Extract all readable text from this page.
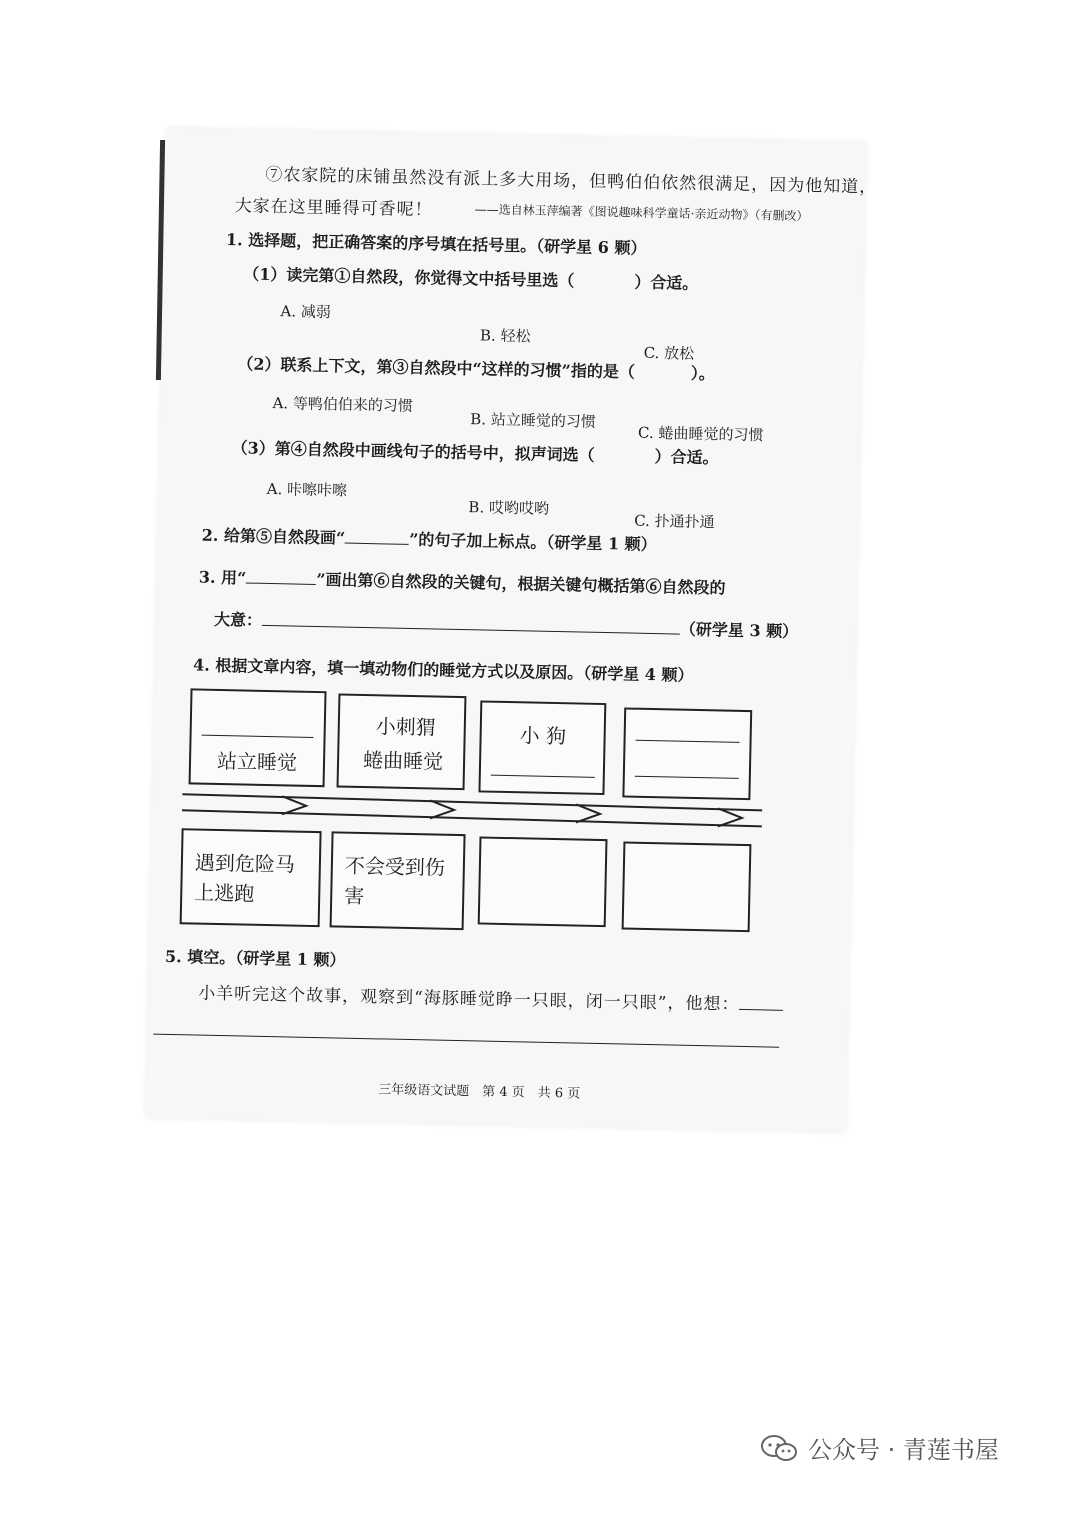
⑦农家院的床铺虽然没有派上多大用场，但鸭伯伯依然很满足，因为他知道，
大家在这里睡得可香呢！	——选自林玉萍编著《图说趣味科学童话·亲近动物》（有删改）
1. 选择题，把正确答案的序号填在括号里。（研学星 6 颗）
（1）读完第①自然段，你觉得文中括号里选（	）合适。
A. 减弱
B. 轻松
C. 放松
（2）联系上下文，第③自然段中“这样的习惯”指的是（	）。
A. 等鸭伯伯来的习惯
B. 站立睡觉的习惯
C. 蜷曲睡觉的习惯
（3）第④自然段中画线句子的括号中，拟声词选（	）合适。
A. 咔嚓咔嚓
B. 哎哟哎哟
C. 扑通扑通
2. 给第⑤自然段画“	”的句子加上标点。（研学星 1 颗）
3. 用“	”画出第⑥自然段的关键句，根据关键句概括第⑥自然段的
大意：	（研学星 3 颗）
4. 根据文章内容，填一填动物们的睡觉方式以及原因。（研学星 4 颗）
站立睡觉
小刺猬
蜷曲睡觉
小 狗
遇到危险马
上逃跑
不会受到伤
害
5. 填空。（研学星 1 颗）
小羊听完这个故事，观察到“海豚睡觉睁一只眼，闭一只眼”，他想：
三年级语文试题　第 4 页　共 6 页
公众号 · 青莲书屋
